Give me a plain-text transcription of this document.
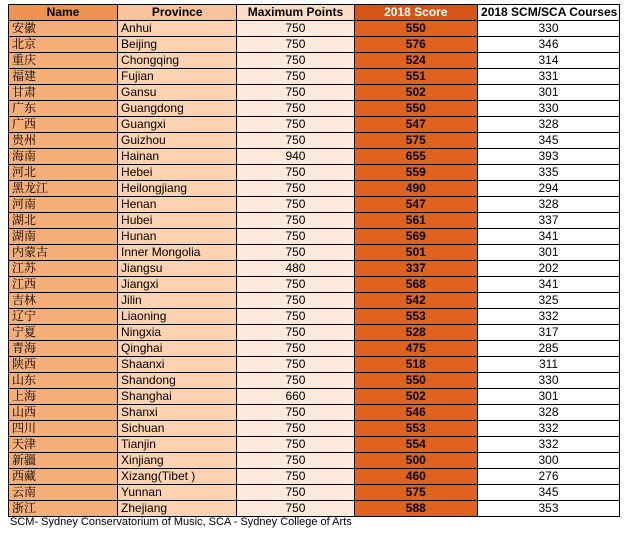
Name	Province	Maximum Points	2018 Score	2018 SCM/SCA Courses
安徽	Anhui	750	550	330
北京	Beijing	750	576	346
重庆	Chongqing	750	524	314
福建	Fujian	750	551	331
甘肃	Gansu	750	502	301
广东	Guangdong	750	550	330
广西	Guangxi	750	547	328
贵州	Guizhou	750	575	345
海南	Hainan	940	655	393
河北	Hebei	750	559	335
黑龙江	Heilongjiang	750	490	294
河南	Henan	750	547	328
湖北	Hubei	750	561	337
湖南	Hunan	750	569	341
内蒙古	Inner Mongolia	750	501	301
江苏	Jiangsu	480	337	202
江西	Jiangxi	750	568	341
吉林	Jilin	750	542	325
辽宁	Liaoning	750	553	332
宁夏	Ningxia	750	528	317
青海	Qinghai	750	475	285
陕西	Shaanxi	750	518	311
山东	Shandong	750	550	330
上海	Shanghai	660	502	301
山西	Shanxi	750	546	328
四川	Sichuan	750	553	332
天津	Tianjin	750	554	332
新疆	Xinjiang	750	500	300
西藏	Xizang(Tibet )	750	460	276
云南	Yunnan	750	575	345
浙江	Zhejiang	750	588	353
SCM- Sydney Conservatorium of Music, SCA - Sydney College of Arts
